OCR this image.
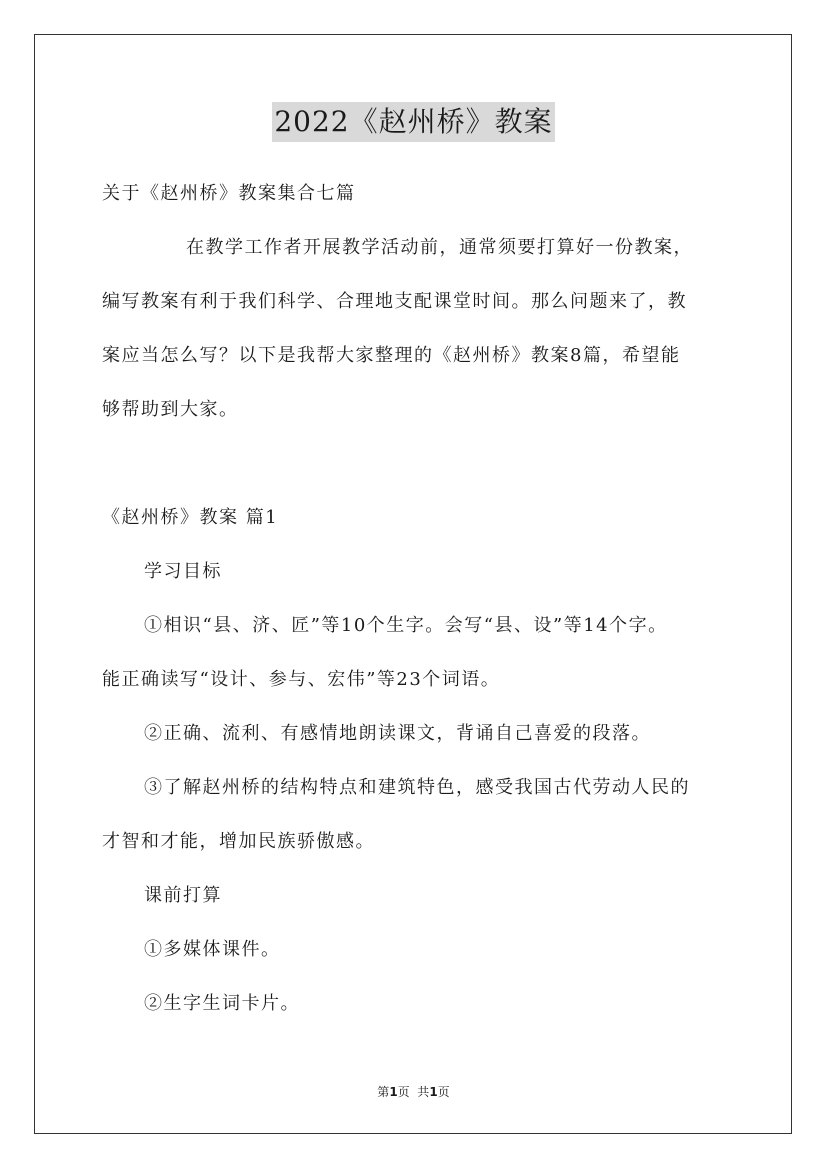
2022《赵州桥》教案
关于《赵州桥》教案集合七篇
在教学工作者开展教学活动前，通常须要打算好一份教案，
编写教案有利于我们科学、合理地支配课堂时间。那么问题来了，教
案应当怎么写？以下是我帮大家整理的《赵州桥》教案8篇，希望能
够帮助到大家。
《赵州桥》教案 篇1
学习目标
①相识“县、济、匠”等10个生字。会写“县、设”等14个字。
能正确读写“设计、参与、宏伟”等23个词语。
②正确、流利、有感情地朗读课文，背诵自己喜爱的段落。
③了解赵州桥的结构特点和建筑特色，感受我国古代劳动人民的
才智和才能，增加民族骄傲感。
课前打算
①多媒体课件。
②生字生词卡片。
第1页  共1页
